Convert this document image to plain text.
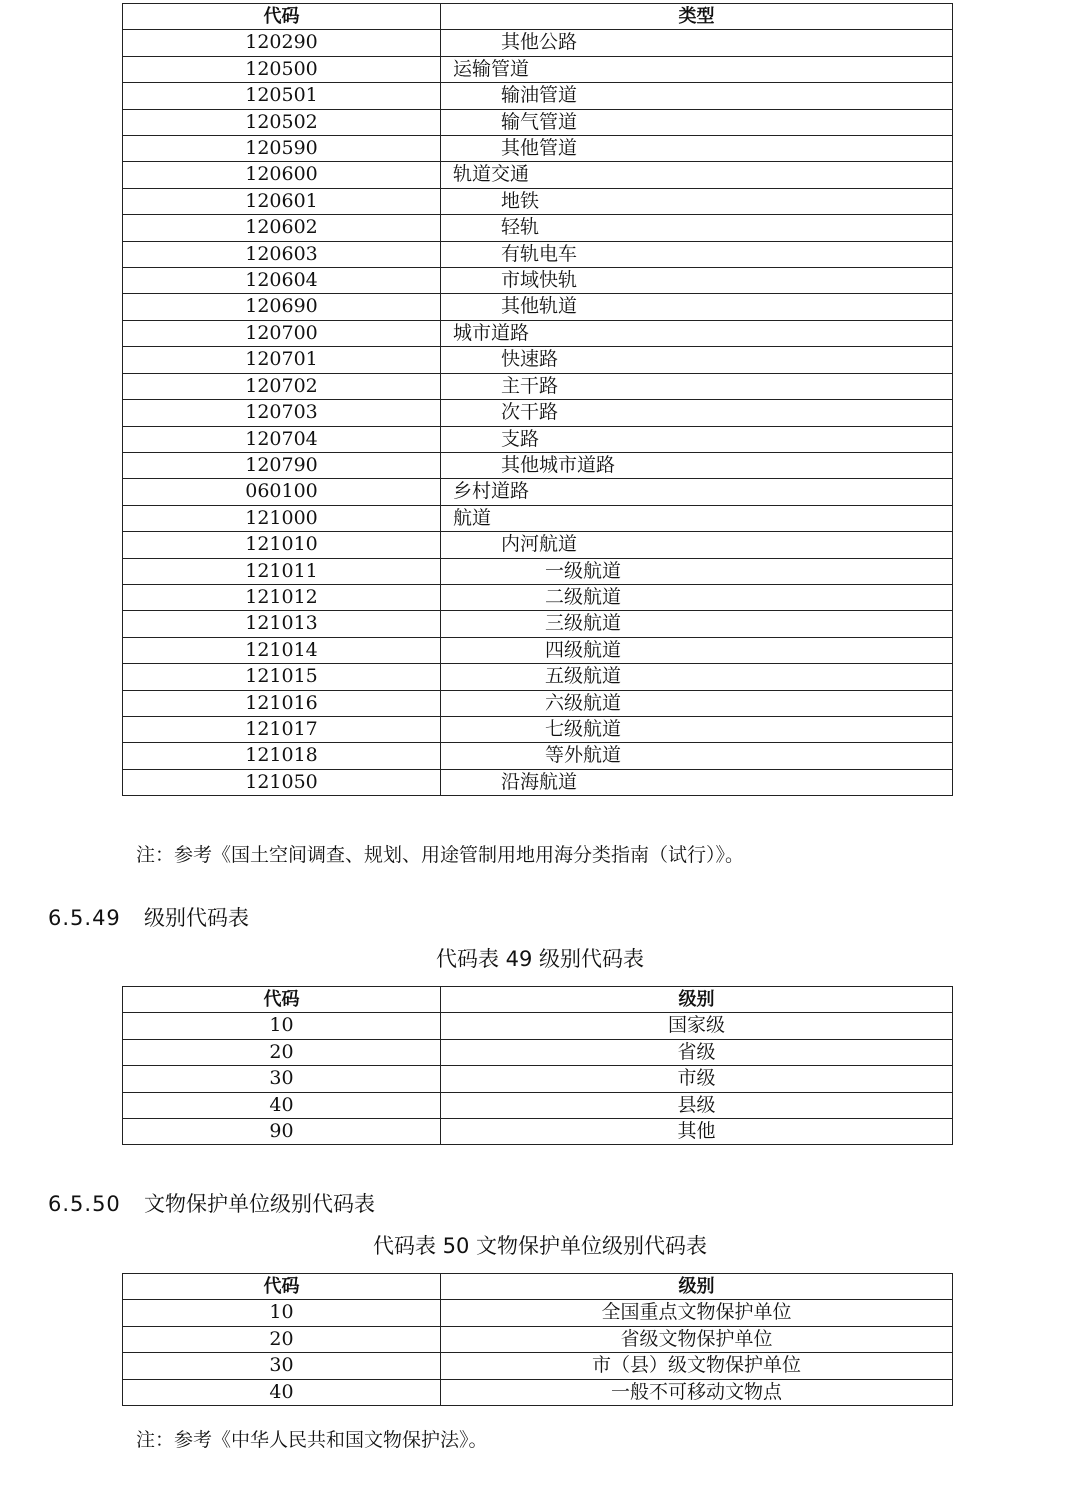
代码	类型
120290	其他公路
120500	运输管道
120501	输油管道
120502	输气管道
120590	其他管道
120600	轨道交通
120601	地铁
120602	轻轨
120603	有轨电车
120604	市域快轨
120690	其他轨道
120700	城市道路
120701	快速路
120702	主干路
120703	次干路
120704	支路
120790	其他城市道路
060100	乡村道路
121000	航道
121010	内河航道
121011	一级航道
121012	二级航道
121013	三级航道
121014	四级航道
121015	五级航道
121016	六级航道
121017	七级航道
121018	等外航道
121050	沿海航道
注：参考《国土空间调查、规划、用途管制用地用海分类指南（试行）》。
6.5.49 级别代码表
代码表 49 级别代码表
代码	级别
10	国家级
20	省级
30	市级
40	县级
90	其他
6.5.50 文物保护单位级别代码表
代码表 50 文物保护单位级别代码表
代码	级别
10	全国重点文物保护单位
20	省级文物保护单位
30	市（县）级文物保护单位
40	一般不可移动文物点
注：参考《中华人民共和国文物保护法》。
